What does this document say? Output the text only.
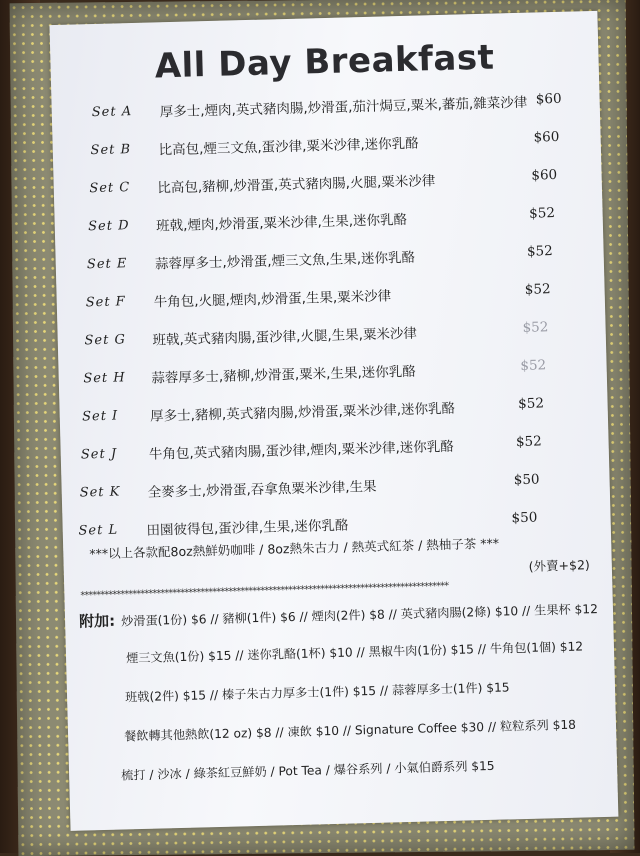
All Day Breakfast
Set A	厚多士,煙肉,英式豬肉腸,炒滑蛋,茄汁焗豆,粟米,蕃茄,雜菜沙律 $60
Set B	比高包,煙三文魚,蛋沙律,粟米沙律,迷你乳酪	$60
Set C	比高包,豬柳,炒滑蛋,英式豬肉腸,火腿,粟米沙律	$60
Set D	班戟,煙肉,炒滑蛋,粟米沙律,生果,迷你乳酪	$52
Set E	蒜蓉厚多士,炒滑蛋,煙三文魚,生果,迷你乳酪	$52
Set F	牛角包,火腿,煙肉,炒滑蛋,生果,粟米沙律	$52
Set G	班戟,英式豬肉腸,蛋沙律,火腿,生果,粟米沙律	$52
Set H	蒜蓉厚多士,豬柳,炒滑蛋,粟米,生果,迷你乳酪	$52
Set I	厚多士,豬柳,英式豬肉腸,炒滑蛋,粟米沙律,迷你乳酪	$52
Set J	牛角包,英式豬肉腸,蛋沙律,煙肉,粟米沙律,迷你乳酪	$52
Set K	全麥多士,炒滑蛋,吞拿魚粟米沙律,生果	$50
Set L	田園彼得包,蛋沙律,生果,迷你乳酪	$50
***以上各款配8oz熱鮮奶咖啡 / 8oz熱朱古力 / 熱英式紅茶 / 熱柚子茶 ***
(外賣+$2)
********************************************************************************************
附加: 炒滑蛋(1份) $6 // 豬柳(1件) $6 // 煙肉(2件) $8 // 英式豬肉腸(2條) $10 // 生果杯 $12
煙三文魚(1份) $15 // 迷你乳酪(1杯) $10 // 黑椒牛肉(1份) $15 // 牛角包(1個) $12
班戟(2件) $15 // 榛子朱古力厚多士(1件) $15 // 蒜蓉厚多士(1件) $15
餐飲轉其他熱飲(12 oz) $8 // 凍飲 $10 // Signature Coffee $30 // 粒粒系列 $18
梳打 / 沙冰 / 綠茶紅豆鮮奶 / Pot Tea / 爆谷系列 / 小氣伯爵系列 $15
